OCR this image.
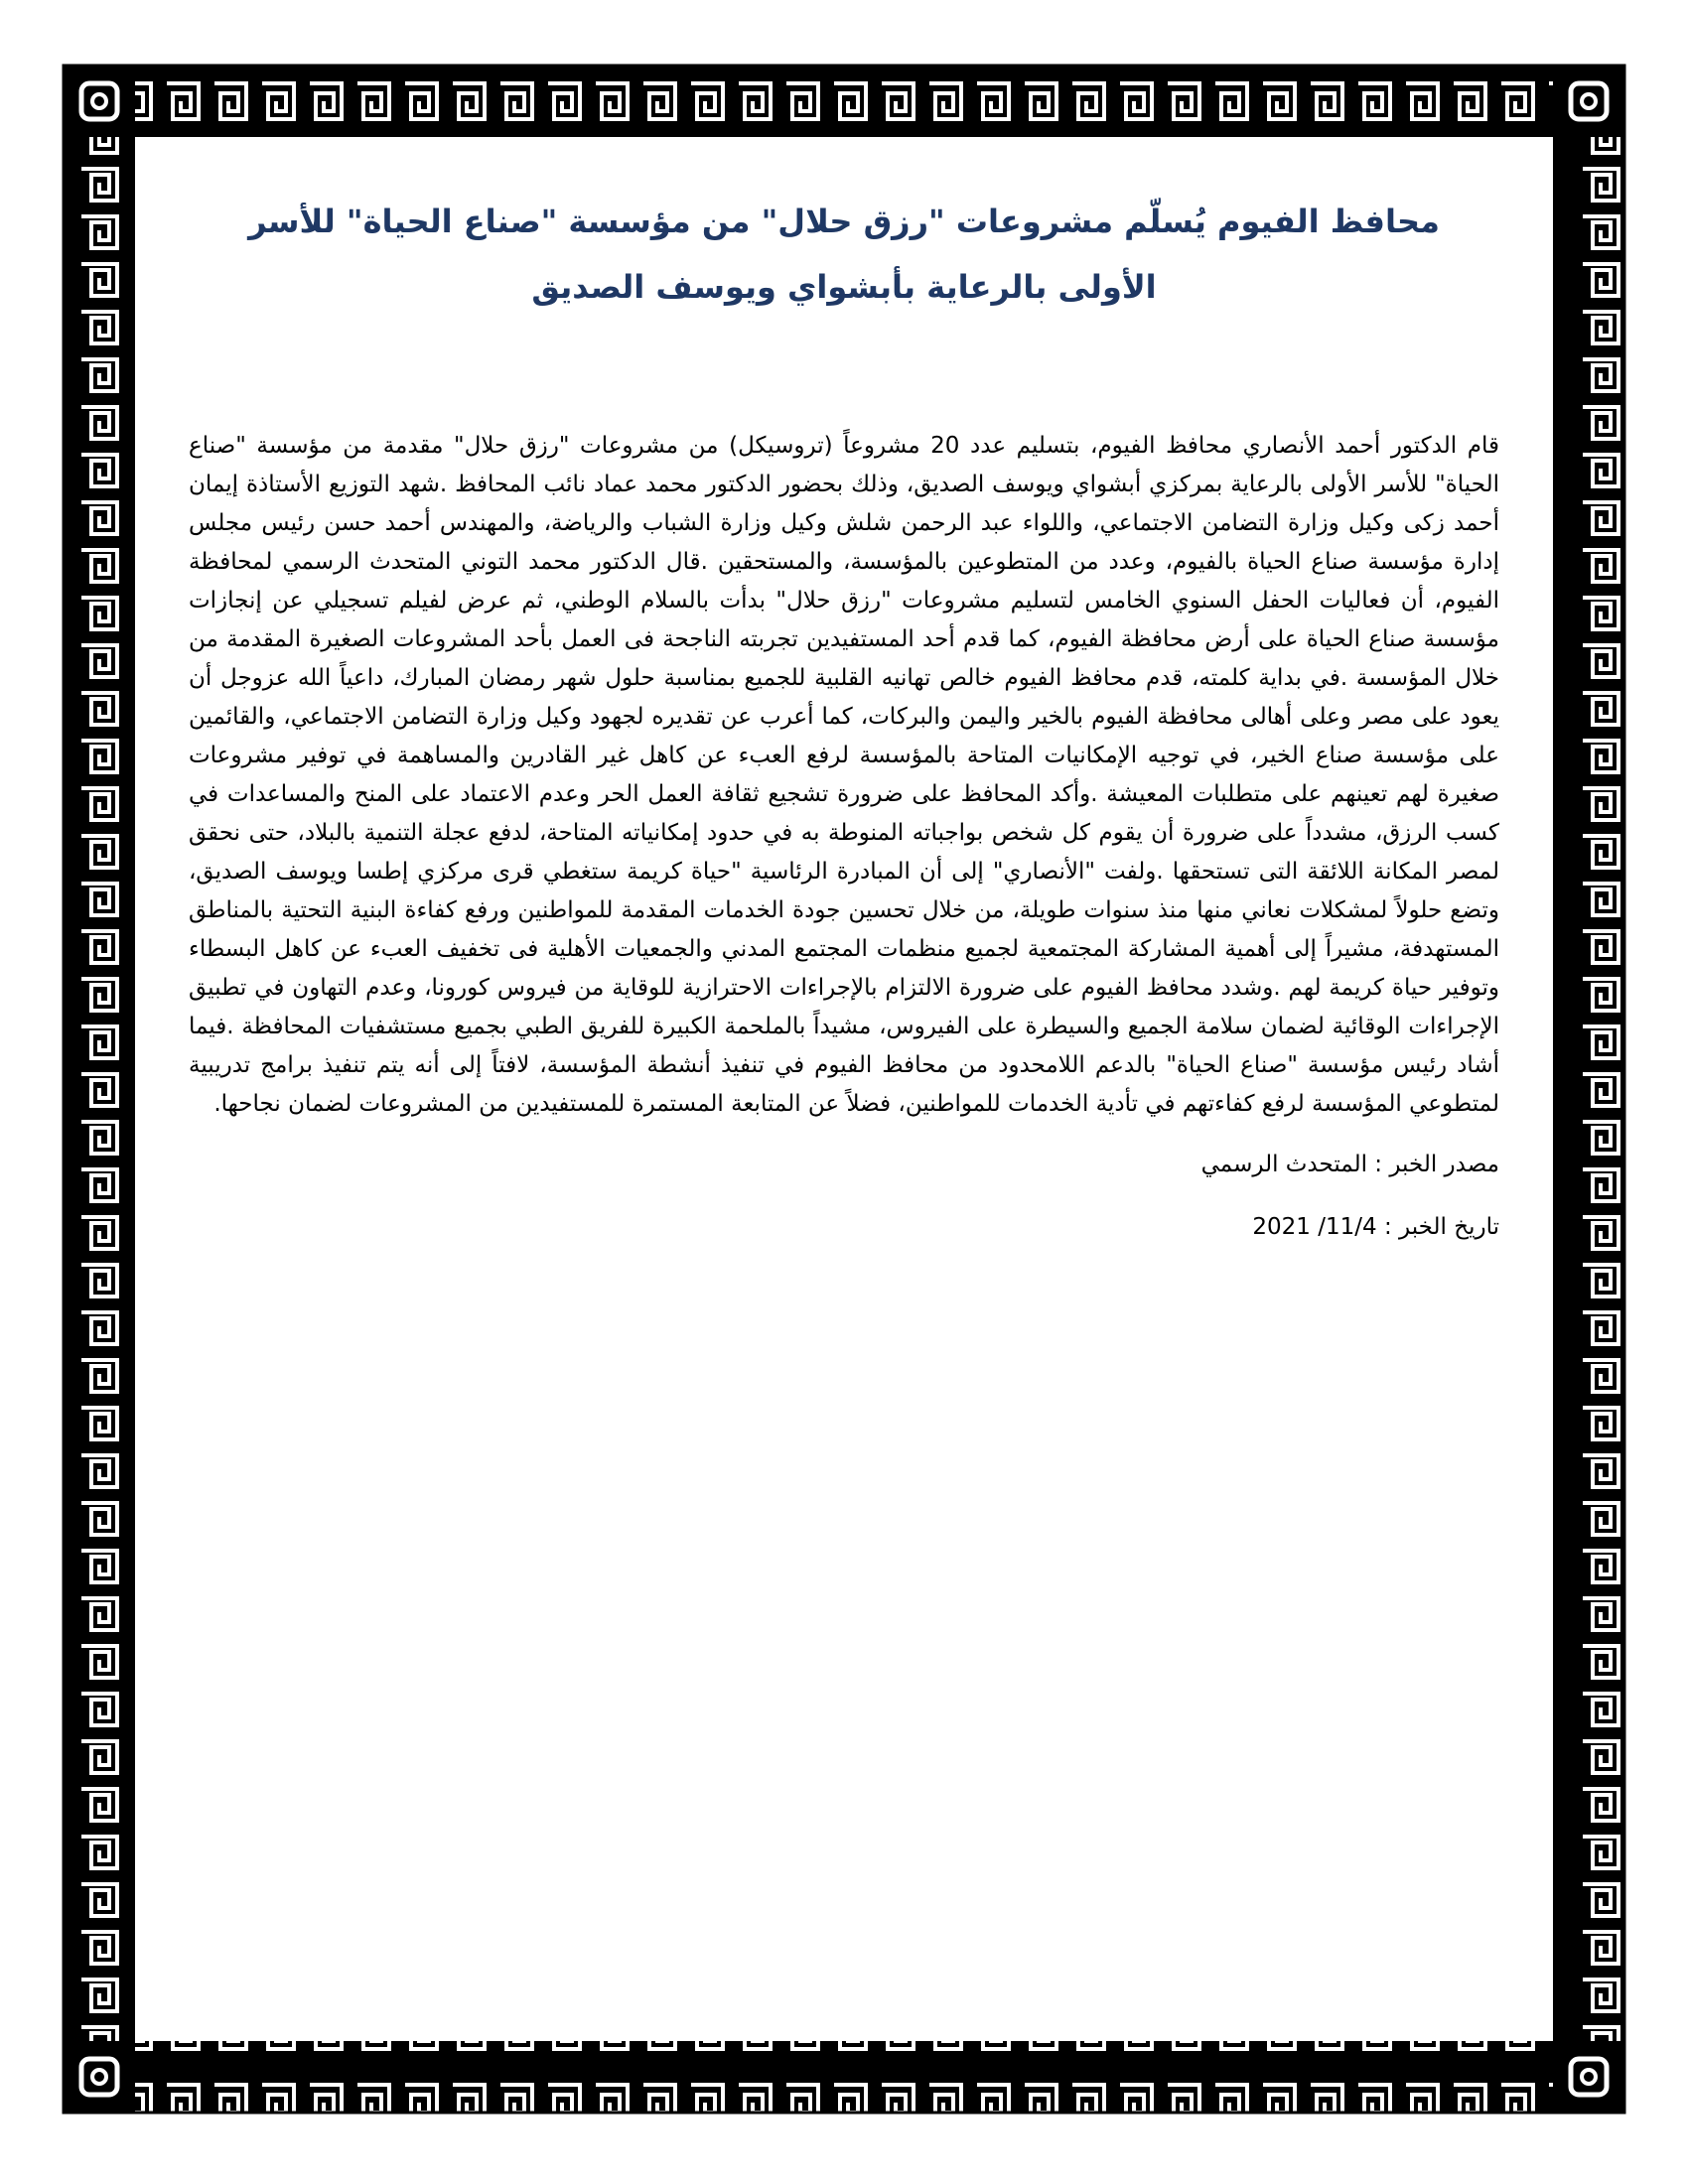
محافظ الفيوم يُسلّم مشروعات "رزق حلال" من مؤسسة "صناع الحياة" للأسر
الأولى بالرعاية بأبشواي ويوسف الصديق

قام الدكتور أحمد الأنصاري محافظ الفيوم، بتسليم عدد 20 مشروعاً (تروسيكل) من مشروعات "رزق حلال" مقدمة من مؤسسة "صناع الحياة" للأسر الأولى بالرعاية بمركزي أبشواي ويوسف الصديق، وذلك بحضور الدكتور محمد عماد نائب المحافظ .شهد التوزيع الأستاذة إيمان أحمد زكى وكيل وزارة التضامن الاجتماعي، واللواء عبد الرحمن شلش وكيل وزارة الشباب والرياضة، والمهندس أحمد حسن رئيس مجلس إدارة مؤسسة صناع الحياة بالفيوم، وعدد من المتطوعين بالمؤسسة، والمستحقين .قال الدكتور محمد التوني المتحدث الرسمي لمحافظة الفيوم، أن فعاليات الحفل السنوي الخامس لتسليم مشروعات "رزق حلال" بدأت بالسلام الوطني، ثم عرض لفيلم تسجيلي عن إنجازات مؤسسة صناع الحياة على أرض محافظة الفيوم، كما قدم أحد المستفيدين تجربته الناجحة فى العمل بأحد المشروعات الصغيرة المقدمة من خلال المؤسسة .في بداية كلمته، قدم محافظ الفيوم خالص تهانيه القلبية للجميع بمناسبة حلول شهر رمضان المبارك، داعياً الله عزوجل أن يعود على مصر وعلى أهالى محافظة الفيوم بالخير واليمن والبركات، كما أعرب عن تقديره لجهود وكيل وزارة التضامن الاجتماعي، والقائمين على مؤسسة صناع الخير، في توجيه الإمكانيات المتاحة بالمؤسسة لرفع العبء عن كاهل غير القادرين والمساهمة في توفير مشروعات صغيرة لهم تعينهم على متطلبات المعيشة .وأكد المحافظ على ضرورة تشجيع ثقافة العمل الحر وعدم الاعتماد على المنح والمساعدات في كسب الرزق، مشدداً على ضرورة أن يقوم كل شخص بواجباته المنوطة به في حدود إمكانياته المتاحة، لدفع عجلة التنمية بالبلاد، حتى نحقق لمصر المكانة اللائقة التى تستحقها .ولفت "الأنصاري" إلى أن المبادرة الرئاسية "حياة كريمة ستغطي قرى مركزي إطسا ويوسف الصديق، وتضع حلولاً لمشكلات نعاني منها منذ سنوات طويلة، من خلال تحسين جودة الخدمات المقدمة للمواطنين ورفع كفاءة البنية التحتية بالمناطق المستهدفة، مشيراً إلى أهمية المشاركة المجتمعية لجميع منظمات المجتمع المدني والجمعيات الأهلية فى تخفيف العبء عن كاهل البسطاء وتوفير حياة كريمة لهم .وشدد محافظ الفيوم على ضرورة الالتزام بالإجراءات الاحترازية للوقاية من فيروس كورونا، وعدم التهاون في تطبيق الإجراءات الوقائية لضمان سلامة الجميع والسيطرة على الفيروس، مشيداً بالملحمة الكبيرة للفريق الطبي بجميع مستشفيات المحافظة .فيما أشاد رئيس مؤسسة "صناع الحياة" بالدعم اللامحدود من محافظ الفيوم في تنفيذ أنشطة المؤسسة، لافتاً إلى أنه يتم تنفيذ برامج تدريبية لمتطوعي المؤسسة لرفع كفاءتهم في تأدية الخدمات للمواطنين، فضلاً عن المتابعة المستمرة للمستفيدين من المشروعات لضمان نجاحها.

مصدر الخبر : المتحدث الرسمي

تاريخ الخبر : 11/4/ 2021
